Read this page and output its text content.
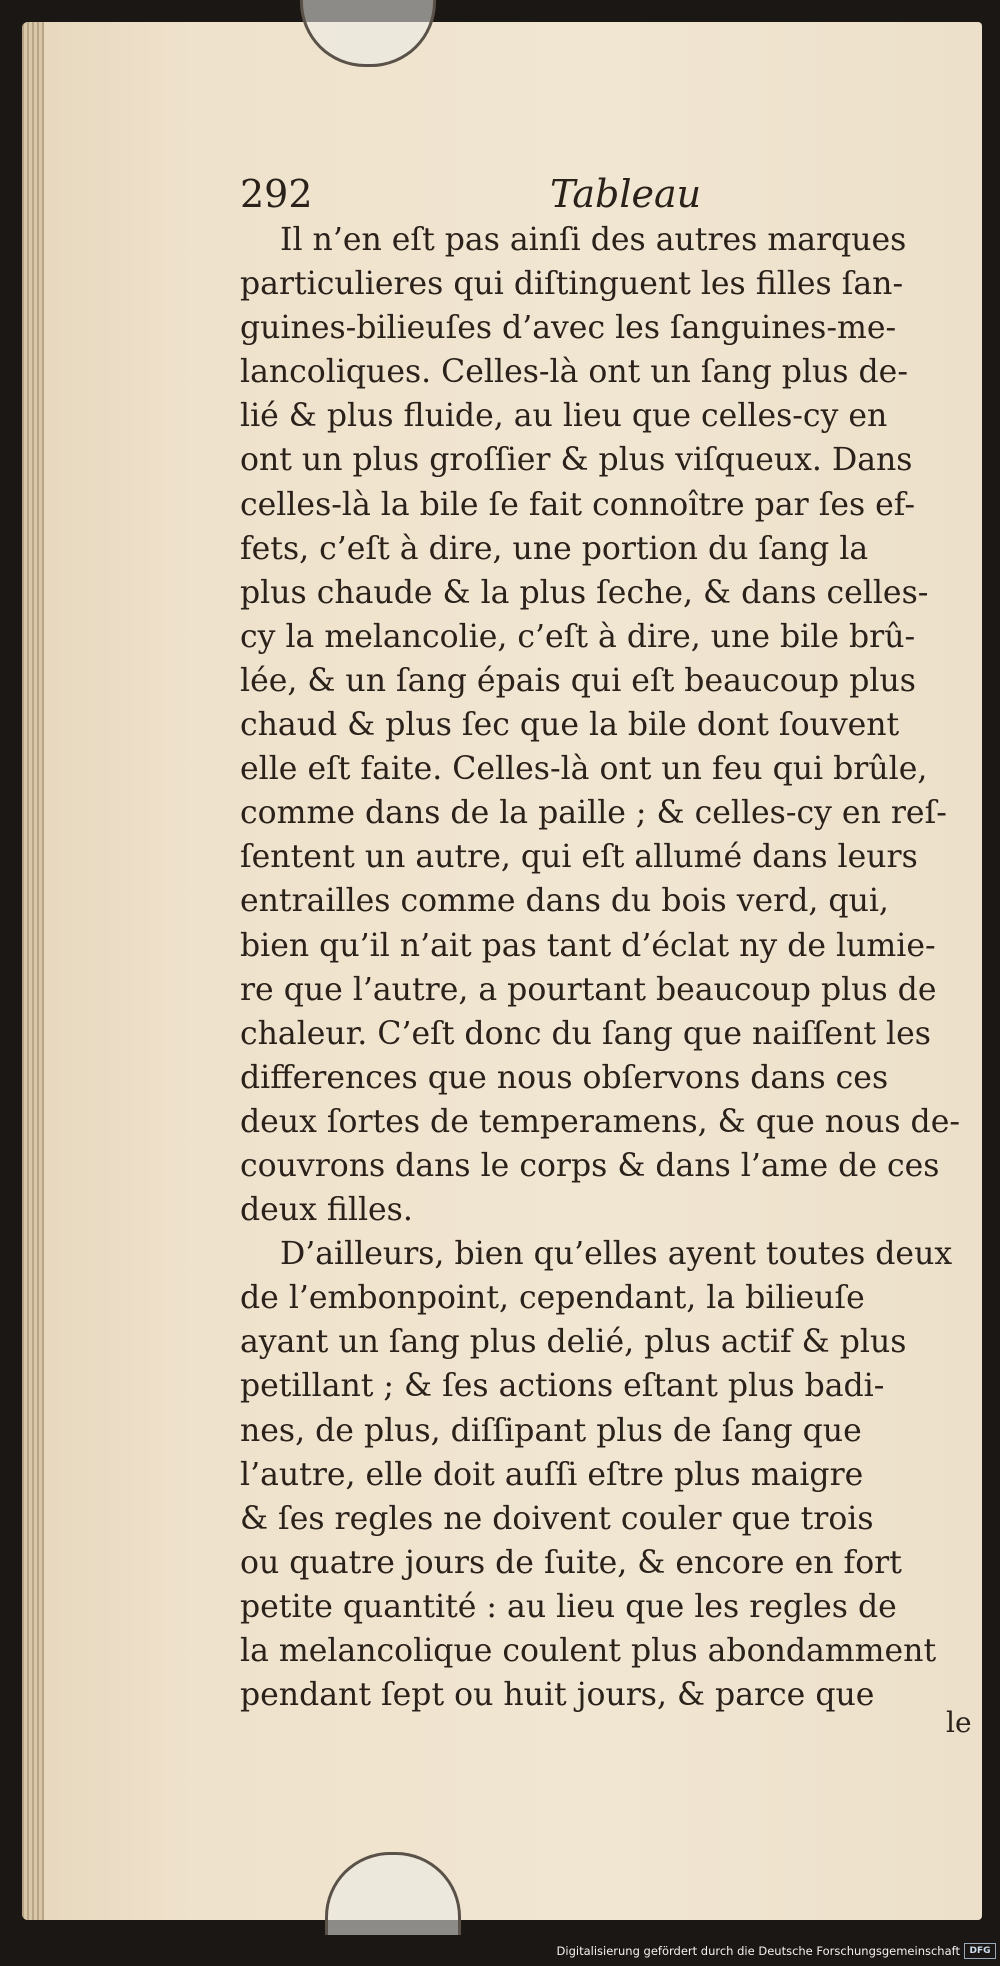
292	Tableau
Il n’en eſt pas ainſi des autres marques
particulieres qui diſtinguent les filles ſan-
guines-bilieuſes d’avec les ſanguines-me-
lancoliques. Celles-là ont un ſang plus de-
lié & plus fluide, au lieu que celles-cy en
ont un plus groſſier & plus viſqueux. Dans
celles-là la bile ſe fait connoître par ſes ef-
fets, c’eſt à dire, une portion du ſang la
plus chaude & la plus ſeche, & dans celles-
cy la melancolie, c’eſt à dire, une bile brû-
lée, & un ſang épais qui eſt beaucoup plus
chaud & plus ſec que la bile dont ſouvent
elle eſt faite. Celles-là ont un feu qui brûle,
comme dans de la paille ; & celles-cy en reſ-
ſentent un autre, qui eſt allumé dans leurs
entrailles comme dans du bois verd, qui,
bien qu’il n’ait pas tant d’éclat ny de lumie-
re que l’autre, a pourtant beaucoup plus de
chaleur. C’eſt donc du ſang que naiſſent les
differences que nous obſervons dans ces
deux ſortes de temperamens, & que nous de-
couvrons dans le corps & dans l’ame de ces
deux filles.
D’ailleurs, bien qu’elles ayent toutes deux
de l’embonpoint, cependant, la bilieuſe
ayant un ſang plus delié, plus actif & plus
petillant ; & ſes actions eſtant plus badi-
nes, de plus, diſſipant plus de ſang que
l’autre, elle doit auſſi eſtre plus maigre
& ſes regles ne doivent couler que trois
ou quatre jours de ſuite, & encore en fort
petite quantité : au lieu que les regles de
la melancolique coulent plus abondamment
pendant ſept ou huit jours, & parce que
le
Digitalisierung gefördert durch die Deutsche Forschungsgemeinschaft	DFG
